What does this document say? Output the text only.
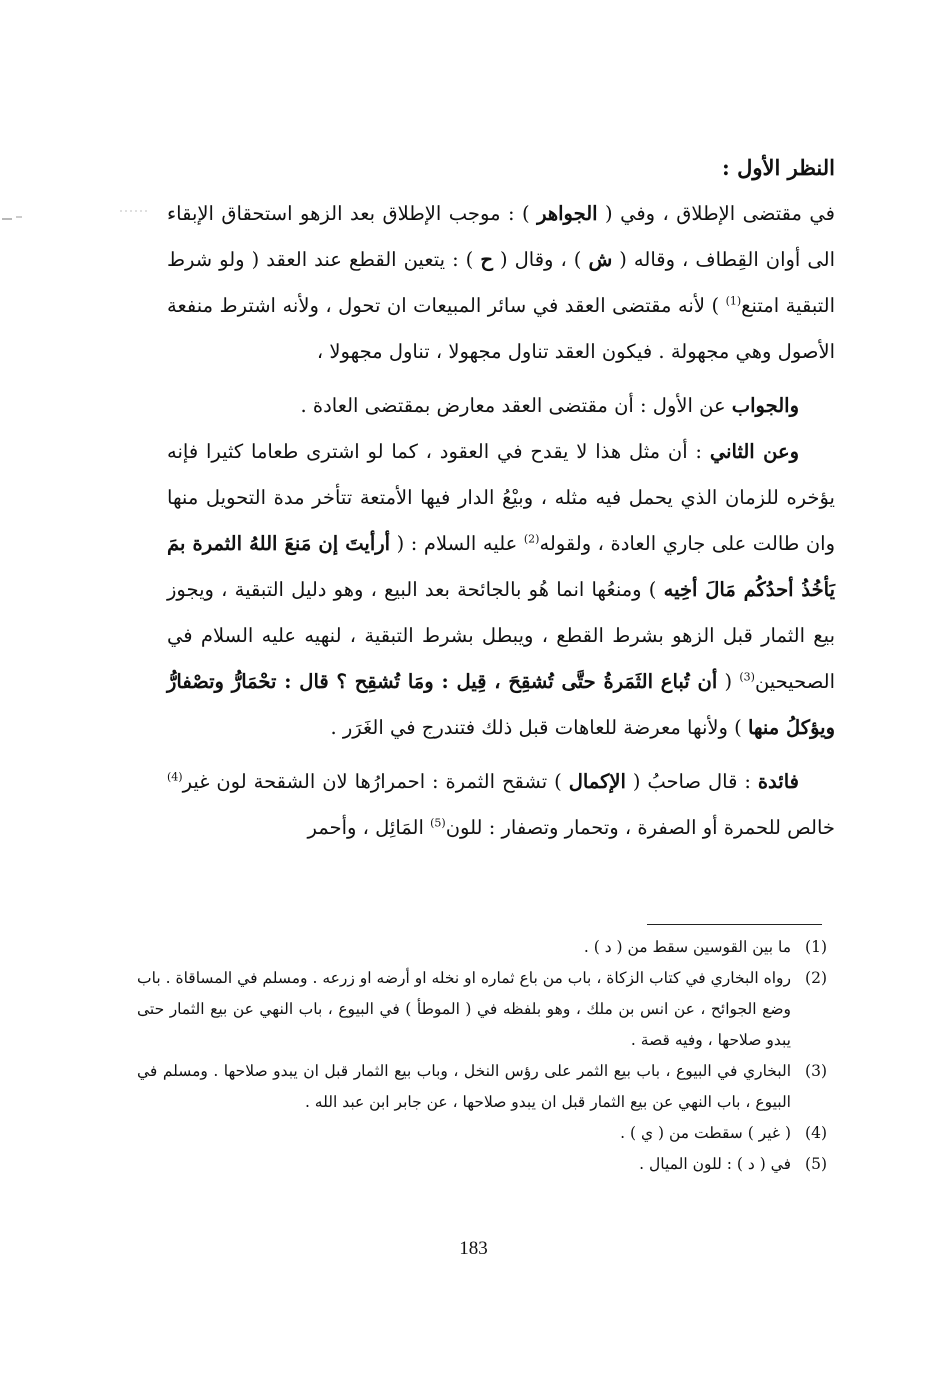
النظر الأول :

في مقتضى الإطلاق ، وفي ( الجواهر ) : موجب الإطلاق بعد الزهو استحقاق الإبقاء الى أوان القِطاف ، وقاله ( ش ) ، وقال ( ح ) : يتعين القطع عند العقد ( ولو شرط التبقية امتنع$^{(1)}$ ) لأنه مقتضى العقد في سائر المبيعات ان تحول ، ولأنه اشترط منفعة الأصول وهي مجهولة . فيكون العقد تناول مجهولا ، تناول مجهولا ،

والجواب عن الأول : أن مقتضى العقد معارض بمقتضى العادة .

وعن الثاني : أن مثل هذا لا يقدح في العقود ، كما لو اشترى طعاما كثيرا فإنه يؤخره للزمان الذي يحمل فيه مثله ، وبيْعُ الدار فيها الأمتعة تتأخر مدة التحويل منها وان طالت على جاري العادة ، ولقوله$^{(2)}$ عليه السلام : ( أرأيتَ إن مَنعَ اللهُ الثمرة بمَ يَأخُذُ أحدُكُم مَالَ أخِيه ) ومنعُها انما هُو بالجائحة بعد البيع ، وهو دليل التبقية ، ويجوز بيع الثمار قبل الزهو بشرط القطع ، ويبطل بشرط التبقية ، لنهيه عليه السلام في الصحيحين$^{(3)}$ ( أن تُباع الثَمَرةُ حتَّى تُشقِحَ ، قِيل : ومَا تُشقِح ؟ قال : تحْمَارُّ وتصْفارُّ ويؤكلُ منها ) ولأنها معرضة للعاهات قبل ذلك فتندرج في الغَرَر .

فائدة : قال صاحبُ ( الإكمال ) تشقح الثمرة : احمرارُها لان الشقحة لون غير$^{(4)}$ خالص للحمرة أو الصفرة ، وتحمار وتصفار : للون$^{(5)}$ المَائِل ، وأحمر

(1)
ما بين القوسين سقط من ( د ) .

(2)
رواه البخاري في كتاب الزكاة ، باب من باع ثماره او نخله او أرضه او زرعه . ومسلم في المساقاة . باب وضع الجوائح ، عن انس بن ملك ، وهو بلفظه في ( الموطأ ) في البيوع ، باب النهي عن بيع الثمار حتى يبدو صلاحها ، وفيه قصة .

(3)
البخاري في البيوع ، باب بيع الثمر على رؤس النخل ، وباب بيع الثمار قبل ان يبدو صلاحها . ومسلم في البيوع ، باب النهي عن بيع الثمار قبل ان يبدو صلاحها ، عن جابر ابن عبد الله .

(4)
( غير ) سقطت من ( ي ) .

(5)
في ( د ) : للون الميال .

183
